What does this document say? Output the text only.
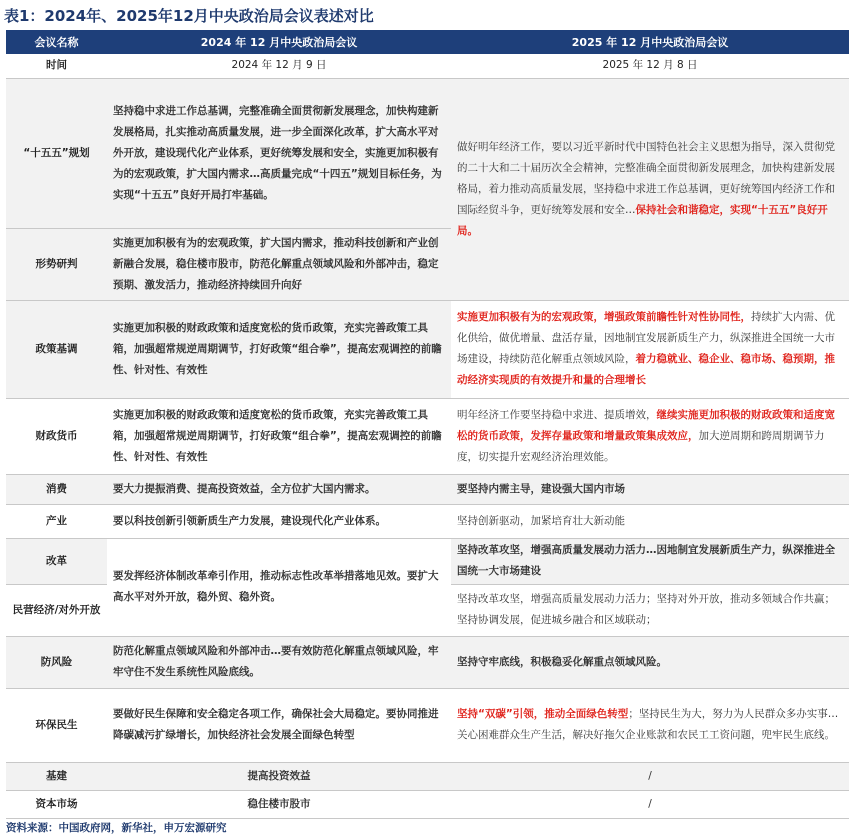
表1：2024年、2025年12月中央政治局会议表述对比
会议名称	2024 年 12 月中央政治局会议	2025 年 12 月中央政治局会议
时间	2024 年 12 月 9 日	2025 年 12 月 8 日
“十五五”规划	坚持稳中求进工作总基调，完整准确全面贯彻新发展理念，加快构建新发展格局，扎实推动高质量发展，进一步全面深化改革，扩大高水平对外开放，建设现代化产业体系，更好统筹发展和安全，实施更加积极有为的宏观政策，扩大国内需求…高质量完成“十四五”规划目标任务，为实现“十五五”良好开局打牢基础。	做好明年经济工作，要以习近平新时代中国特色社会主义思想为指导，深入贯彻党的二十大和二十届历次全会精神，完整准确全面贯彻新发展理念，加快构建新发展格局，着力推动高质量发展，坚持稳中求进工作总基调，更好统筹国内经济工作和国际经贸斗争，更好统筹发展和安全…保持社会和谐稳定，实现“十五五”良好开局。
形势研判	实施更加积极有为的宏观政策，扩大国内需求，推动科技创新和产业创新融合发展，稳住楼市股市，防范化解重点领域风险和外部冲击，稳定预期、激发活力，推动经济持续回升向好	
政策基调	实施更加积极的财政政策和适度宽松的货币政策，充实完善政策工具箱，加强超常规逆周期调节，打好政策“组合拳”，提高宏观调控的前瞻性、针对性、有效性	实施更加积极有为的宏观政策，增强政策前瞻性针对性协同性，持续扩大内需、优化供给，做优增量、盘活存量，因地制宜发展新质生产力，纵深推进全国统一大市场建设，持续防范化解重点领域风险，着力稳就业、稳企业、稳市场、稳预期，推动经济实现质的有效提升和量的合理增长
财政货币	实施更加积极的财政政策和适度宽松的货币政策，充实完善政策工具箱，加强超常规逆周期调节，打好政策“组合拳”，提高宏观调控的前瞻性、针对性、有效性	明年经济工作要坚持稳中求进、提质增效，继续实施更加积极的财政政策和适度宽松的货币政策，发挥存量政策和增量政策集成效应，加大逆周期和跨周期调节力度，切实提升宏观经济治理效能。
消费	要大力提振消费、提高投资效益，全方位扩大国内需求。	要坚持内需主导，建设强大国内市场
产业	要以科技创新引领新质生产力发展，建设现代化产业体系。	坚持创新驱动，加紧培育壮大新动能
改革	要发挥经济体制改革牵引作用，推动标志性改革举措落地见效。要扩大高水平对外开放，稳外贸、稳外资。	坚持改革攻坚，增强高质量发展动力活力…因地制宜发展新质生产力，纵深推进全国统一大市场建设
民营经济/对外开放		坚持改革攻坚，增强高质量发展动力活力；坚持对外开放，推动多领域合作共赢；坚持协调发展，促进城乡融合和区域联动；
防风险	防范化解重点领域风险和外部冲击…要有效防范化解重点领域风险，牢牢守住不发生系统性风险底线。	坚持守牢底线，积极稳妥化解重点领域风险。
环保民生	要做好民生保障和安全稳定各项工作，确保社会大局稳定。要协同推进降碳减污扩绿增长，加快经济社会发展全面绿色转型	坚持“双碳”引领，推动全面绿色转型；坚持民生为大，努力为人民群众多办实事…关心困难群众生产生活，解决好拖欠企业账款和农民工工资问题，兜牢民生底线。
基建	提高投资效益	/
资本市场	稳住楼市股市	/
资料来源：中国政府网，新华社，申万宏源研究
